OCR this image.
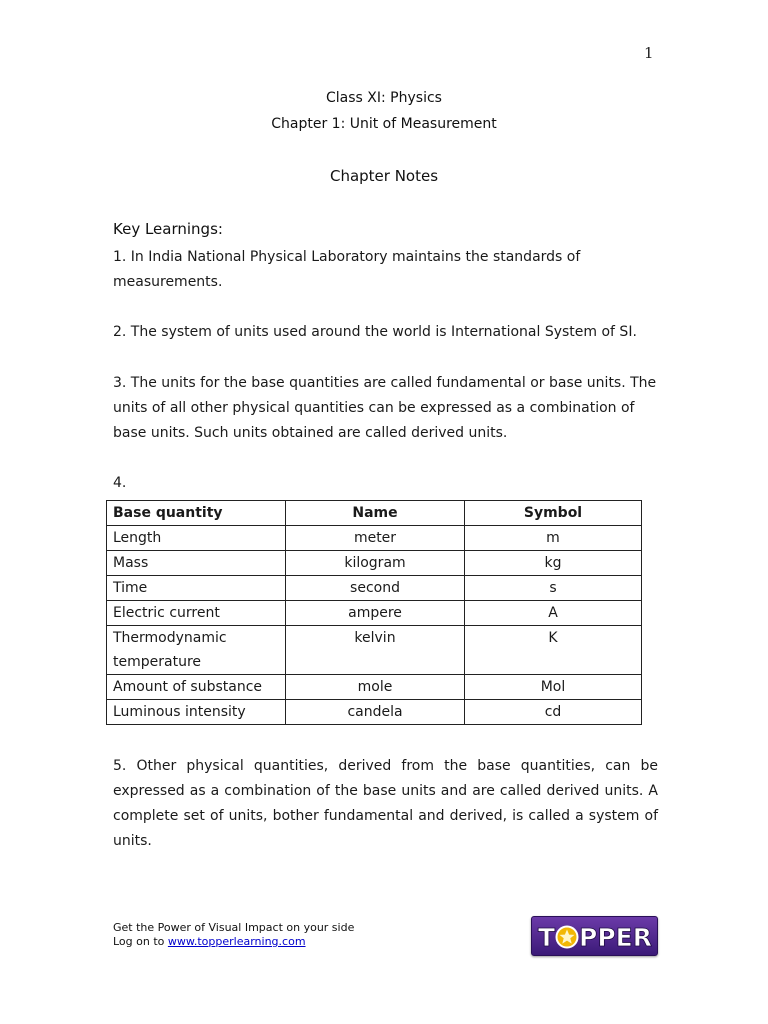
1
Class XI: Physics
Chapter 1: Unit of Measurement
Chapter Notes
Key Learnings:

1. In India National Physical Laboratory maintains the standards of measurements.

2. The system of units used around the world is International System of SI.

3. The units for the base quantities are called fundamental or base units. The units of all other physical quantities can be expressed as a combination of base units. Such units obtained are called derived units.

4.

Base quantity	Name	Symbol
Length	meter	m
Mass	kilogram	kg
Time	second	s
Electric current	ampere	A
Thermodynamic temperature	kelvin	K
Amount of substance	mole	Mol
Luminous intensity	candela	cd

5. Other physical quantities, derived from the base quantities, can be expressed as a combination of the base units and are called derived units. A complete set of units, bother fundamental and derived, is called a system of units.

Get the Power of Visual Impact on your side
Log on to www.topperlearning.com	T PPER
